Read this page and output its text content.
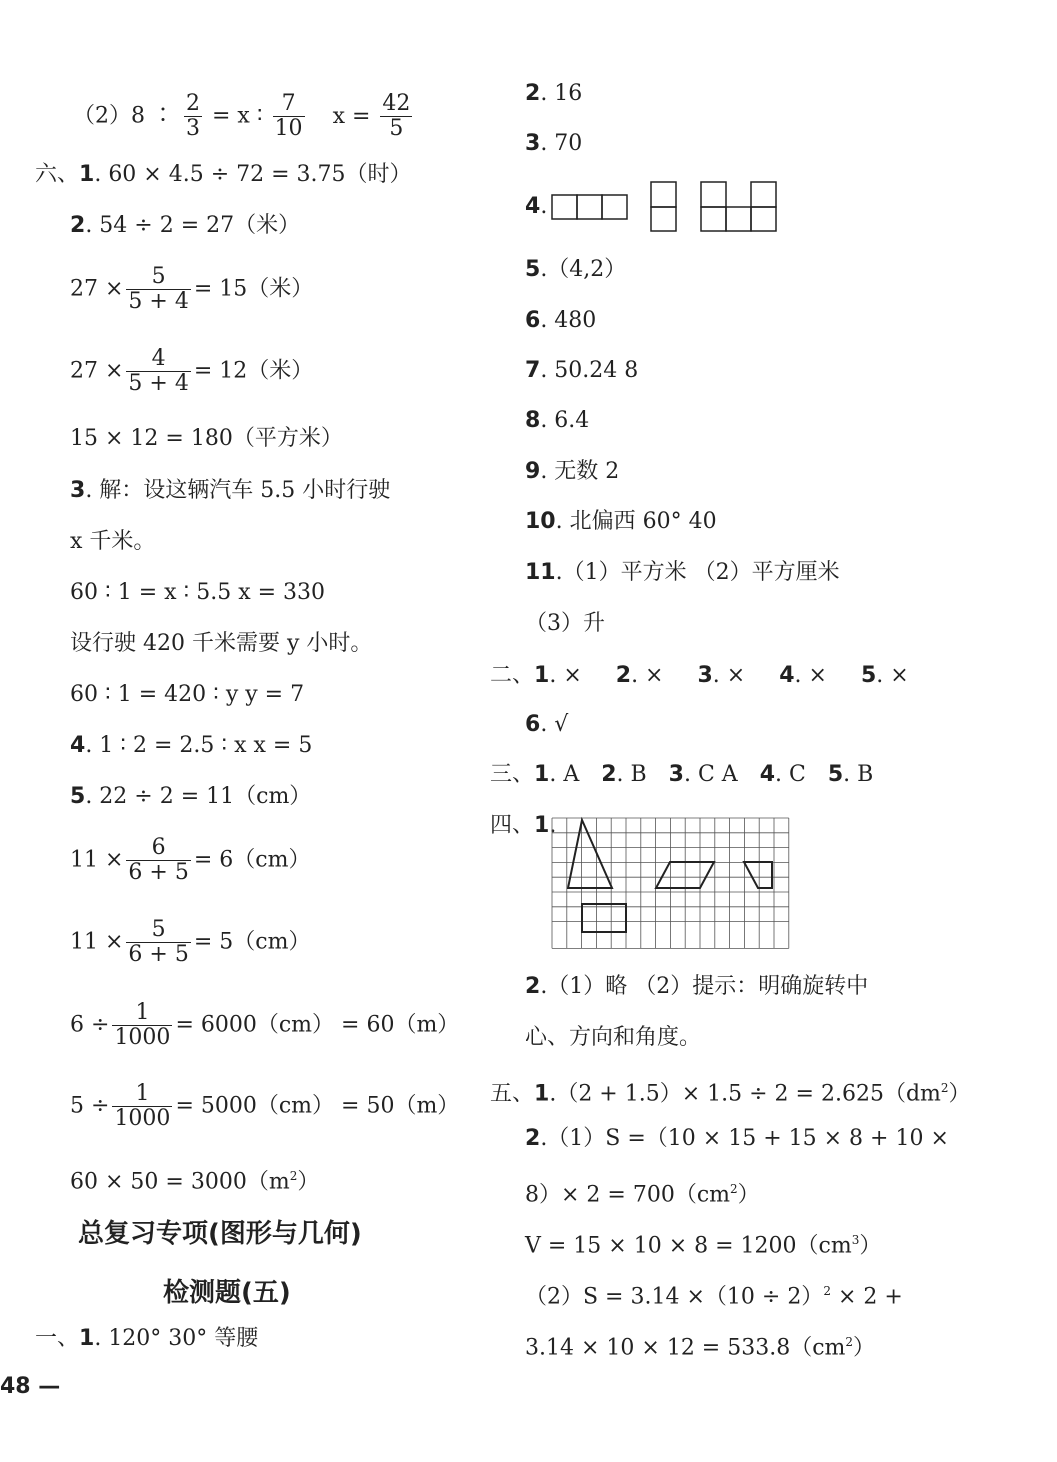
（2）8 ∶ $\frac{2}{3} = x$ ∶ $\frac{7}{10}$ $x = \frac{42}{5}$
六、1. 60 × 4.5 ÷ 72 = 3.75（时）
2. 54 ÷ 2 = 27（米）
$27 \times \frac{5}{5 + 4} = 15$（米）
$27 \times \frac{4}{5 + 4} = 12$（米）
15 × 12 = 180（平方米）
3. 解：设这辆汽车 5.5 小时行驶
x 千米。
60 ∶ 1 = x ∶ 5.5 x = 330
设行驶 420 千米需要 y 小时。
60 ∶ 1 = 420 ∶ y y = 7
4. 1 ∶ 2 = 2.5 ∶ x x = 5
5. 22 ÷ 2 = 11（cm）
$11 \times \frac{6}{6 + 5} = 6(cm)$
$11 \times \frac{5}{6 + 5} = 5(cm)$
$6 \div \frac{1}{1000} = 6000(cm) = 60(m)$
$5 \div \frac{1}{1000} = 5000(cm) = 50(m)$
$60 \times 50 = 3000(m^2)$
总复习专项(图形与几何)
检测题(五)
一、1. 120° 30° 等腰
48 —
2. 16
3. 70
4.
5.（4,2）
6. 480
7. 50.24 8
8. 6.4
9. 无数 2
10. 北偏西 60° 40
11.（1）平方米 （2）平方厘米
（3）升
二、1. × 2. × 3. × 4. × 5. ×
6. √
三、1. A 2. B 3. C A 4. C 5. B
四、1.
2.（1）略 （2）提示：明确旋转中
心、方向和角度。
五、$1.(2 + 1.5)\times 1.5 \div 2 = 2.625(dm^2)$
2.（1）S =（10 × 15 + 15 × 8 + 10 ×
$8)\times 2 = 700(cm^2)$
$V = 15 \times 10 \times 8 = 1200(cm^3)$
$(2)S = 3.14 \times(10 \div 2)^2 \times 2$ +
$3.14 \times 10 \times 12 = 533.8(cm^2)$
